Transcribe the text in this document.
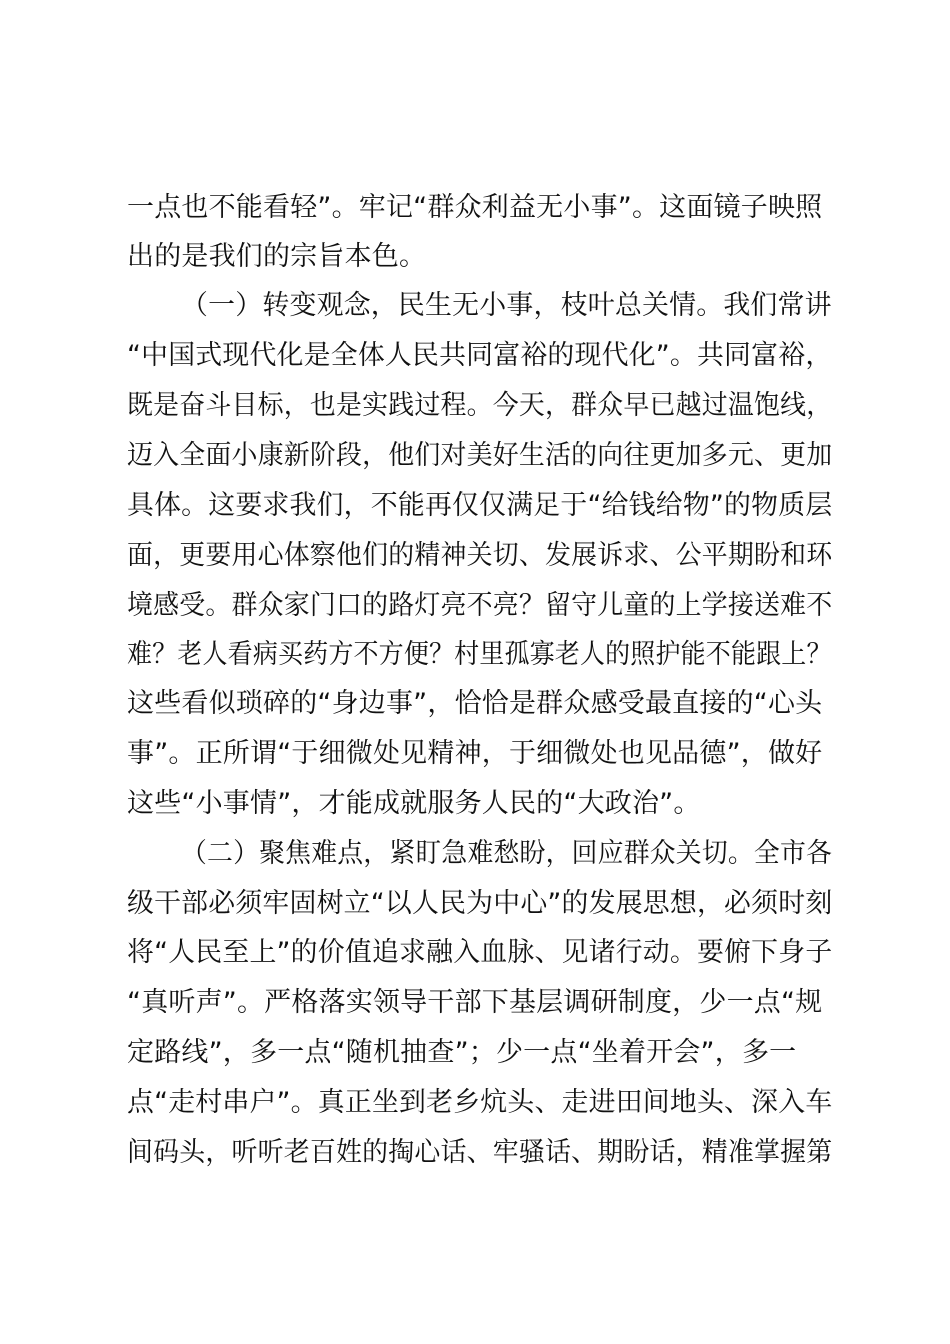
一点也不能看轻”。牢记“群众利益无小事”。这面镜子映照
出的是我们的宗旨本色。
（一）转变观念，民生无小事，枝叶总关情。我们常讲
“中国式现代化是全体人民共同富裕的现代化”。共同富裕，
既是奋斗目标，也是实践过程。今天，群众早已越过温饱线，
迈入全面小康新阶段，他们对美好生活的向往更加多元、更加
具体。这要求我们，不能再仅仅满足于“给钱给物”的物质层
面，更要用心体察他们的精神关切、发展诉求、公平期盼和环
境感受。群众家门口的路灯亮不亮？留守儿童的上学接送难不
难？老人看病买药方不方便？村里孤寡老人的照护能不能跟上？
这些看似琐碎的“身边事”，恰恰是群众感受最直接的“心头
事”。正所谓“于细微处见精神，于细微处也见品德”，做好
这些“小事情”，才能成就服务人民的“大政治”。
（二）聚焦难点，紧盯急难愁盼，回应群众关切。全市各
级干部必须牢固树立“以人民为中心”的发展思想，必须时刻
将“人民至上”的价值追求融入血脉、见诸行动。要俯下身子
“真听声”。严格落实领导干部下基层调研制度，少一点“规
定路线”，多一点“随机抽查”；少一点“坐着开会”，多一
点“走村串户”。真正坐到老乡炕头、走进田间地头、深入车
间码头，听听老百姓的掏心话、牢骚话、期盼话，精准掌握第
